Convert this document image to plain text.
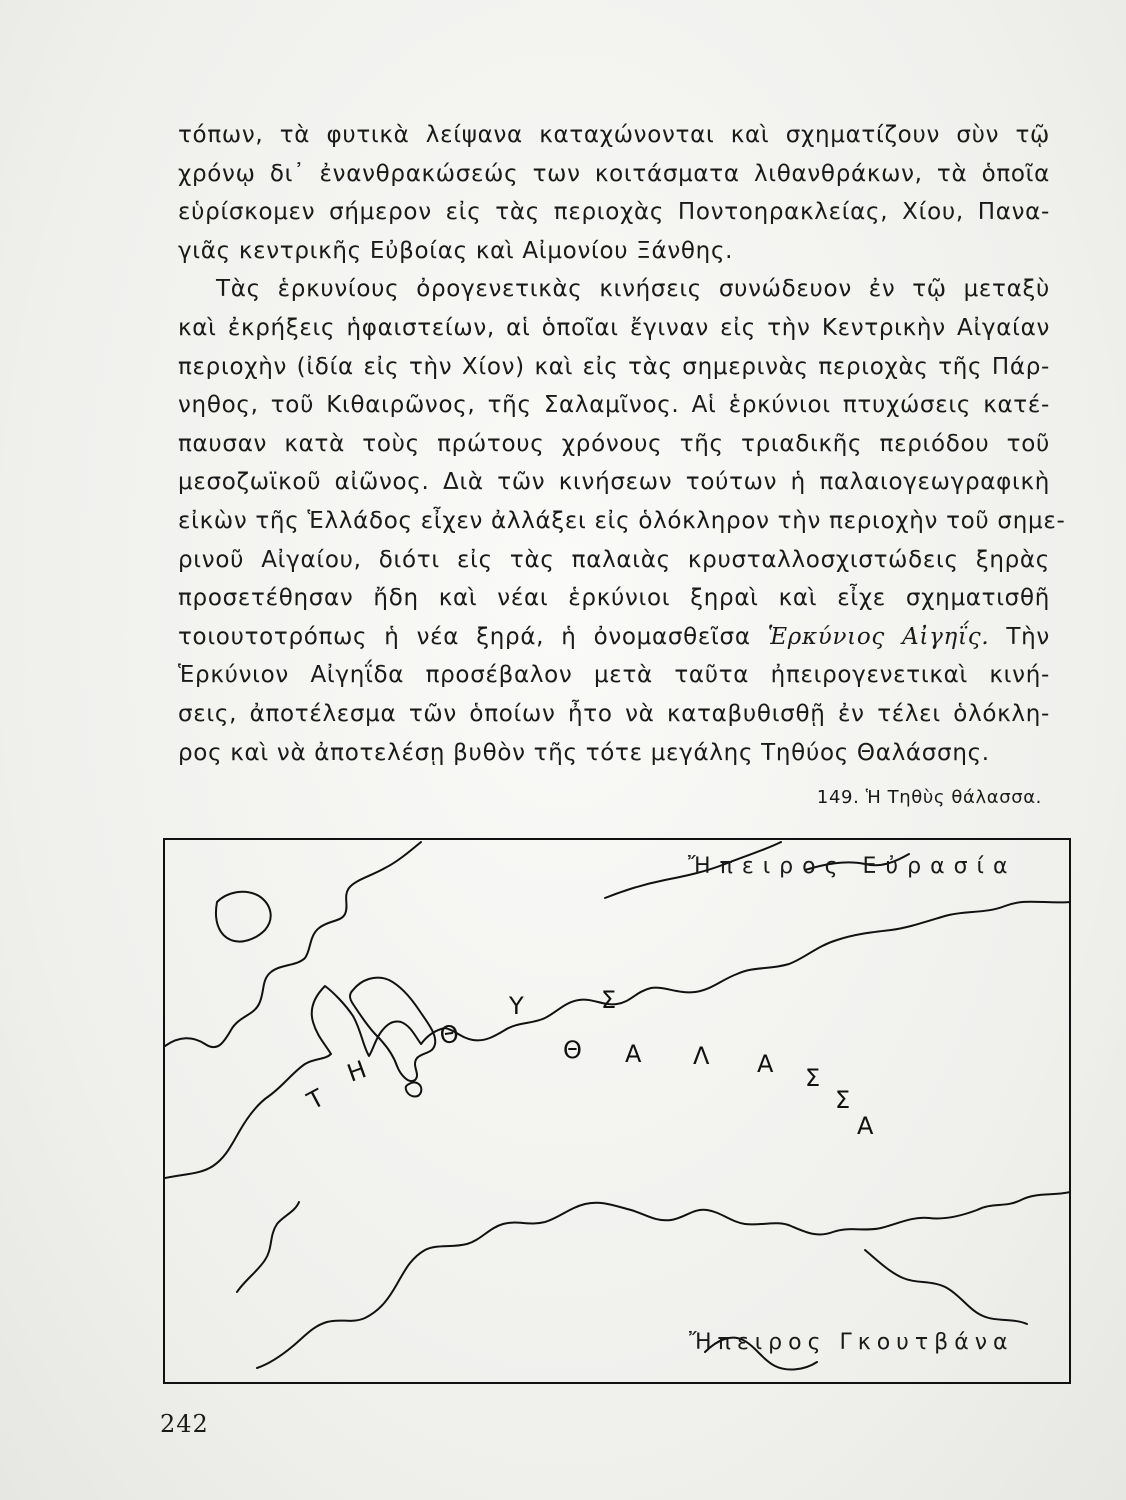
τόπων, τὰ φυτικὰ λείψανα καταχώνονται καὶ σχηματίζουν σὺν τῷ

χρόνῳ δι᾽ ἐνανθρακώσεώς των κοιτάσματα λιθανθράκων, τὰ ὁποῖα

εὑρίσκομεν σήμερον εἰς τὰς περιοχὰς Ποντοηρακλείας, Χίου, Πανα-

γιᾶς κεντρικῆς Εὐβοίας καὶ Αἰμονίου Ξάνθης.

Τὰς ἑρκυνίους ὀρογενετικὰς κινήσεις συνώδευον ἐν τῷ μεταξὺ

καὶ ἐκρήξεις ἡφαιστείων, αἱ ὁποῖαι ἔγιναν εἰς τὴν Κεντρικὴν Αἰγαίαν

περιοχὴν (ἰδία εἰς τὴν Χίον) καὶ εἰς τὰς σημερινὰς περιοχὰς τῆς Πάρ-

νηθος, τοῦ Κιθαιρῶνος, τῆς Σαλαμῖνος. Αἱ ἑρκύνιοι πτυχώσεις κατέ-

παυσαν κατὰ τοὺς πρώτους χρόνους τῆς τριαδικῆς περιόδου τοῦ

μεσοζωϊκοῦ αἰῶνος. Διὰ τῶν κινήσεων τούτων ἡ παλαιογεωγραφικὴ

εἰκὼν τῆς Ἑλλάδος εἶχεν ἀλλάξει εἰς ὁλόκληρον τὴν περιοχὴν τοῦ σημε-

ρινοῦ Αἰγαίου, διότι εἰς τὰς παλαιὰς κρυσταλλοσχιστώδεις ξηρὰς

προσετέθησαν ἤδη καὶ νέαι ἑρκύνιοι ξηραὶ καὶ εἶχε σχηματισθῆ

τοιουτοτρόπως ἡ νέα ξηρά, ἡ ὀνομασθεῖσα Ἑρκύνιος Αἰγηΐς. Τὴν

Ἑρκύνιον Αἰγηΐδα προσέβαλον μετὰ ταῦτα ἠπειρογενετικαὶ κινή-

σεις, ἀποτέλεσμα τῶν ὁποίων ἦτο νὰ καταβυθισθῇ ἐν τέλει ὁλόκλη-

ρος καὶ νὰ ἀποτελέσῃ βυθὸν τῆς τότε μεγάλης Τηθύος Θαλάσσης.

149. Ἡ Τηθὺς θάλασσα.
Τ
Η
Θ
Υ	Σ
Θ Α Λ Α Σ
Σ
Α
Ἤπειρος Εὐρασία
Ἤπειρος Γκουτβάνα
242
